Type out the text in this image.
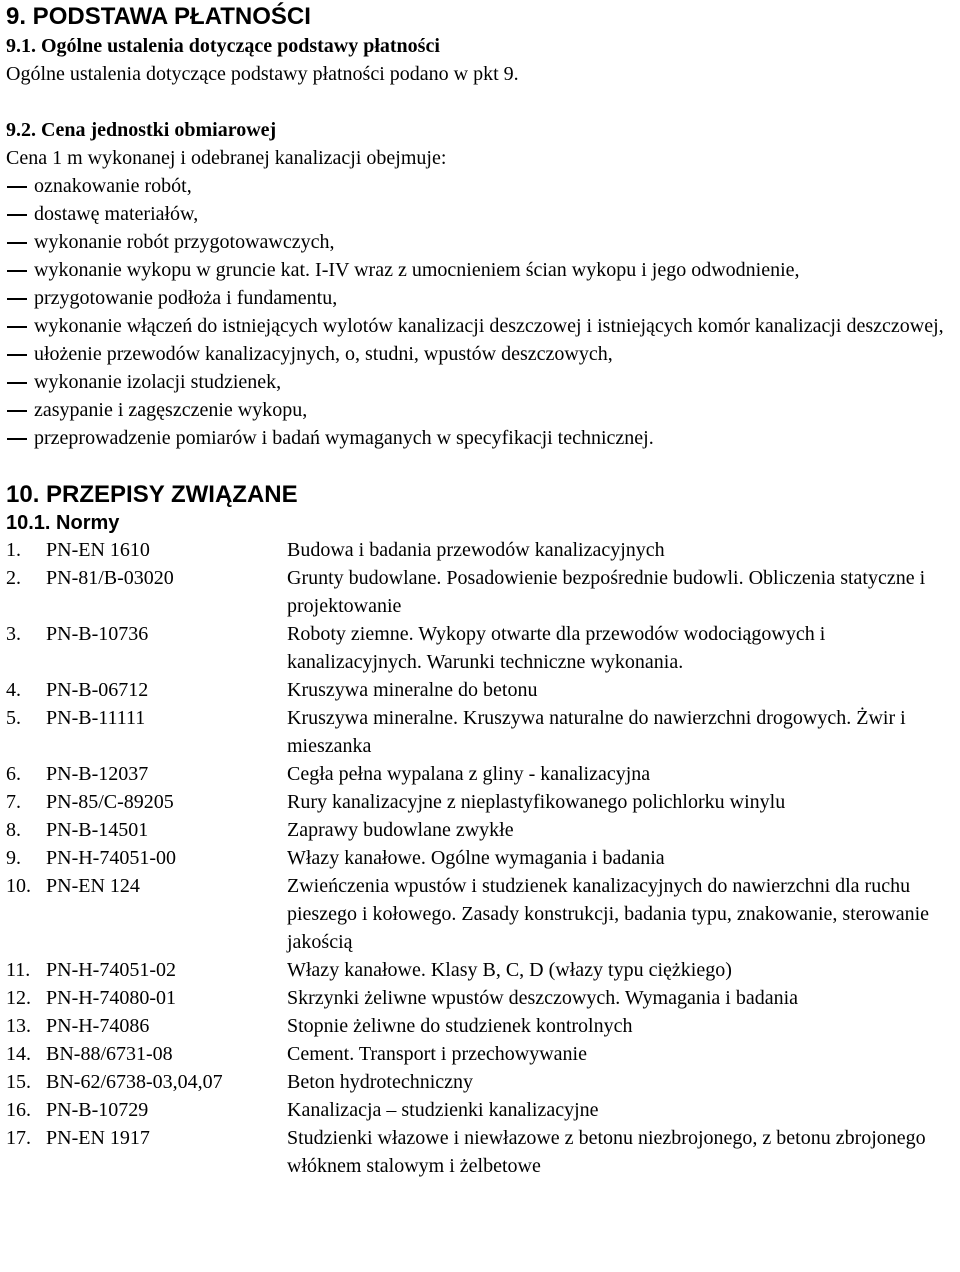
9. PODSTAWA PŁATNOŚCI
9.1. Ogólne ustalenia dotyczące podstawy płatności
Ogólne ustalenia dotyczące podstawy płatności podano w pkt 9.
9.2. Cena jednostki obmiarowej
Cena 1 m wykonanej i odebranej kanalizacji obejmuje:
oznakowanie robót,
dostawę materiałów,
wykonanie robót przygotowawczych,
wykonanie wykopu w gruncie kat. I-IV wraz z umocnieniem ścian wykopu i jego odwodnienie,
przygotowanie podłoża i fundamentu,
wykonanie włączeń do istniejących wylotów kanalizacji deszczowej i istniejących komór kanalizacji deszczowej,
ułożenie przewodów kanalizacyjnych, o, studni, wpustów deszczowych,
wykonanie izolacji studzienek,
zasypanie i zagęszczenie wykopu,
przeprowadzenie pomiarów i badań wymaganych w specyfikacji technicznej.
10. PRZEPISY ZWIĄZANE
10.1. Normy
1.	PN-EN 1610	Budowa i badania przewodów kanalizacyjnych
2.	PN-81/B-03020	Grunty budowlane. Posadowienie bezpośrednie budowli. Obliczenia statyczne i projektowanie
3.	PN-B-10736	Roboty ziemne. Wykopy otwarte dla przewodów wodociągowych i kanalizacyjnych. Warunki techniczne wykonania.
4.	PN-B-06712	Kruszywa mineralne do betonu
5.	PN-B-11111	Kruszywa mineralne. Kruszywa naturalne do nawierzchni drogowych. Żwir i mieszanka
6.	PN-B-12037	Cegła pełna wypalana z gliny - kanalizacyjna
7.	PN-85/C-89205	Rury kanalizacyjne z nieplastyfikowanego polichlorku winylu
8.	PN-B-14501	Zaprawy budowlane zwykłe
9.	PN-H-74051-00	Włazy kanałowe. Ogólne wymagania i badania
10.	PN-EN 124	Zwieńczenia wpustów i studzienek kanalizacyjnych do nawierzchni dla ruchu pieszego i kołowego. Zasady konstrukcji, badania typu, znakowanie, sterowanie jakością
11.	PN-H-74051-02	Włazy kanałowe. Klasy B, C, D (włazy typu ciężkiego)
12.	PN-H-74080-01	Skrzynki żeliwne wpustów deszczowych. Wymagania i badania
13.	PN-H-74086	Stopnie żeliwne do studzienek kontrolnych
14.	BN-88/6731-08	Cement. Transport i przechowywanie
15.	BN-62/6738-03,04,07	Beton hydrotechniczny
16.	PN-B-10729	Kanalizacja – studzienki kanalizacyjne
17.	PN-EN 1917	Studzienki włazowe i niewłazowe z betonu niezbrojonego, z betonu zbrojonego włóknem stalowym i żelbetowe
